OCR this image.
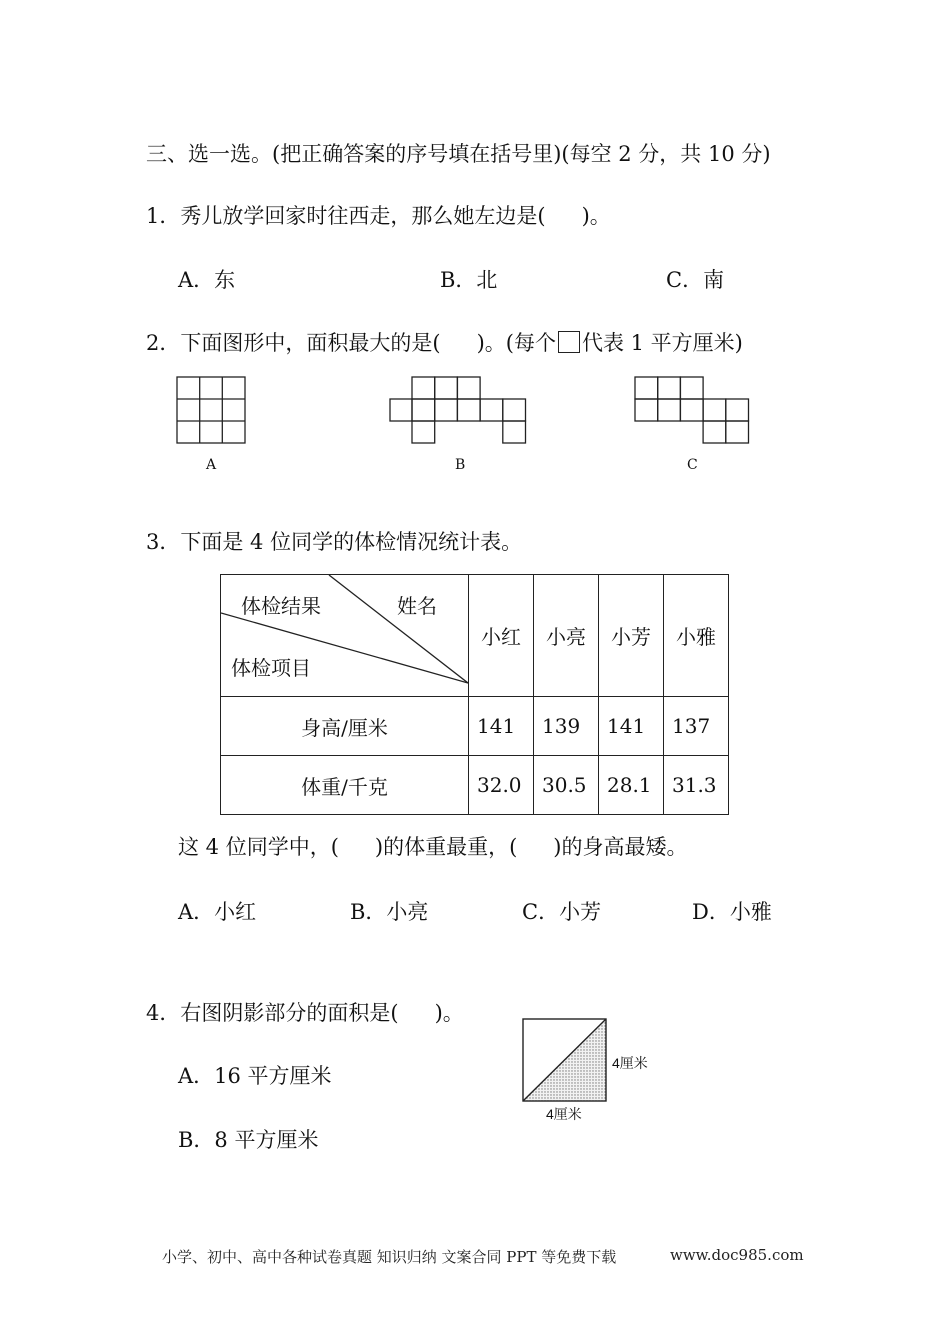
三、选一选。(把正确答案的序号填在括号里)(每空 2 分，共 10 分)
1．秀儿放学回家时往西走，那么她左边是( )。
A．东	B．北	C．南
2．下面图形中，面积最大的是( )。(每个 代表 1 平方厘米)
A	B	C
3．下面是 4 位同学的体检情况统计表。
体检结果 姓名
体检项目	小红	小亮	小芳	小雅
身高/厘米	141	139	141	137
体重/千克	32.0	30.5	28.1	31.3
这 4 位同学中，( )的体重最重，( )的身高最矮。
A．小红	B．小亮	C．小芳	D．小雅
4．右图阴影部分的面积是( )。
A．16 平方厘米
B．8 平方厘米
4厘米
4厘米
小学、初中、高中各种试卷真题 知识归纳 文案合同 PPT 等免费下载	www.doc985.com
